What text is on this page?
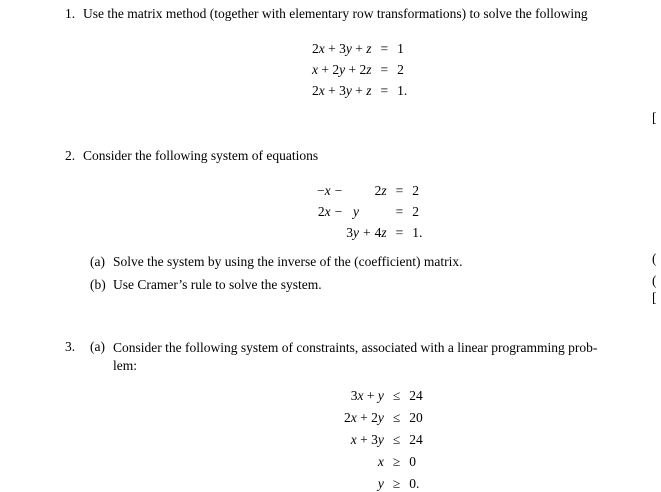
1. Use the matrix method (together with elementary row transformations) to solve the following
2x + 3y + z	=	1
x + 2y + 2z	=	2
2x + 3y + z	=	1.
2. Consider the following system of equations
−x	−			2z	=	2
2x	−	y			=	2
		3y	+	4z	=	1.
(a) Solve the system by using the inverse of the (coefficient) matrix.
(b) Use Cramer’s rule to solve the system.
3.	(a) Consider the following system of constraints, associated with a linear programming prob-
lem:
3x + y	≤	24
2x + 2y	≤	20
x + 3y	≤	24
x	≥	0
y	≥	0.
[
(
(
[
